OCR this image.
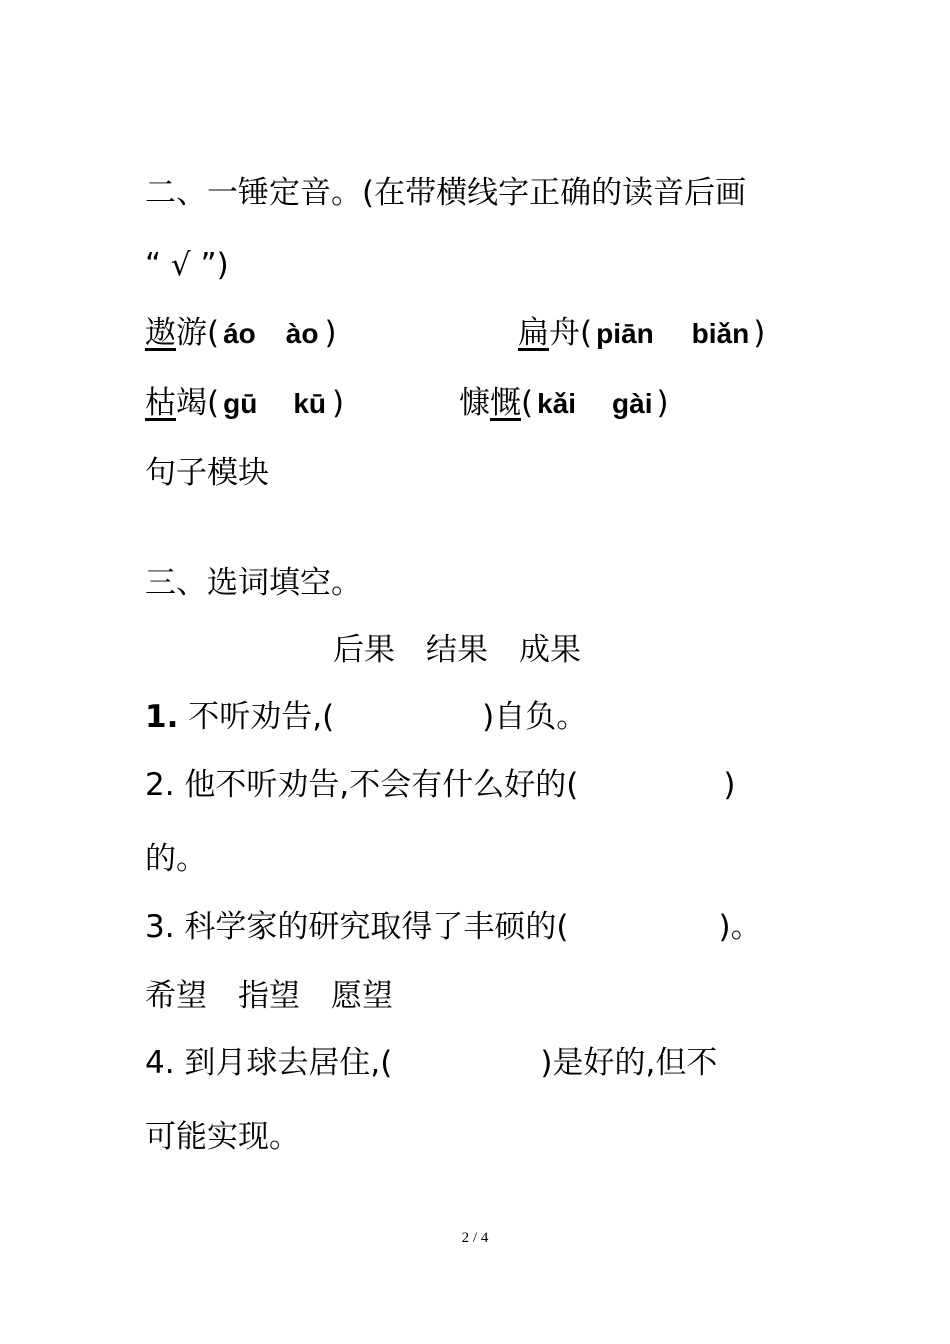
二、一锤定音。(在带横线字正确的读音后画
“ √ ”)
遨游( áo ào )	扁舟( piān biǎn )
枯竭( gū kū )	慷慨( kǎi gài )
句子模块
三、选词填空。
后果　结果　成果
1. 不听劝告,(	)自负。
2. 他不听劝告,不会有什么好的(	)
的。
3. 科学家的研究取得了丰硕的(	)。
希望　指望　愿望
4. 到月球去居住,(	)是好的,但不
可能实现。
2 / 4
